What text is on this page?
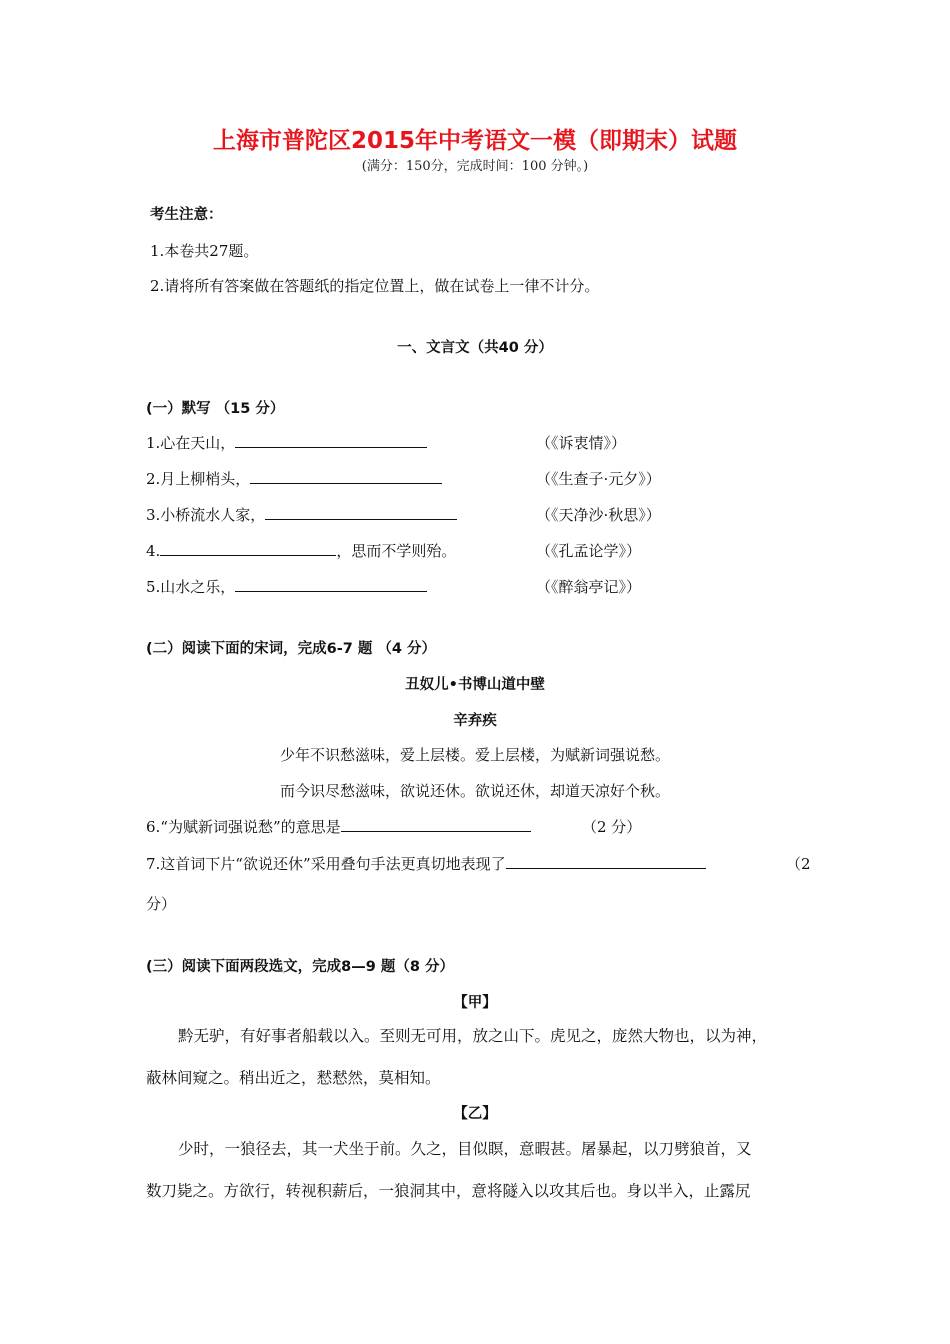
上海市普陀区2015年中考语文一模（即期末）试题
(满分：150分，完成时间：100 分钟。)
考生注意：
1.本卷共27题。
2.请将所有答案做在答题纸的指定位置上，做在试卷上一律不计分。
一、文言文（共40 分）
(一）默写 （15 分）
1.心在天山，	（《诉衷情》）
2.月上柳梢头，	（《生查子·元夕》）
3.小桥流水人家，	（《天净沙·秋思》）
4.	，思而不学则殆。	（《孔孟论学》）
5.山水之乐，	（《醉翁亭记》）
(二）阅读下面的宋词，完成6-7 题 （4 分）
丑奴儿•书博山道中壁
辛弃疾
少年不识愁滋味，爱上层楼。爱上层楼，为赋新词强说愁。
而今识尽愁滋味，欲说还休。欲说还休，却道天凉好个秋。
6.“为赋新词强说愁”的意思是	（2 分）
7.这首词下片“欲说还休”采用叠句手法更真切地表现了	（2
分）
(三）阅读下面两段选文，完成8—9 题（8 分）
【甲】
黔无驴，有好事者船载以入。至则无可用，放之山下。虎见之，庞然大物也，以为神，
蔽林间窥之。稍出近之，慭慭然，莫相知。
【乙】
少时，一狼径去，其一犬坐于前。久之，目似瞑，意暇甚。屠暴起，以刀劈狼首，又
数刀毙之。方欲行，转视积薪后，一狼洞其中，意将隧入以攻其后也。身以半入，止露尻
